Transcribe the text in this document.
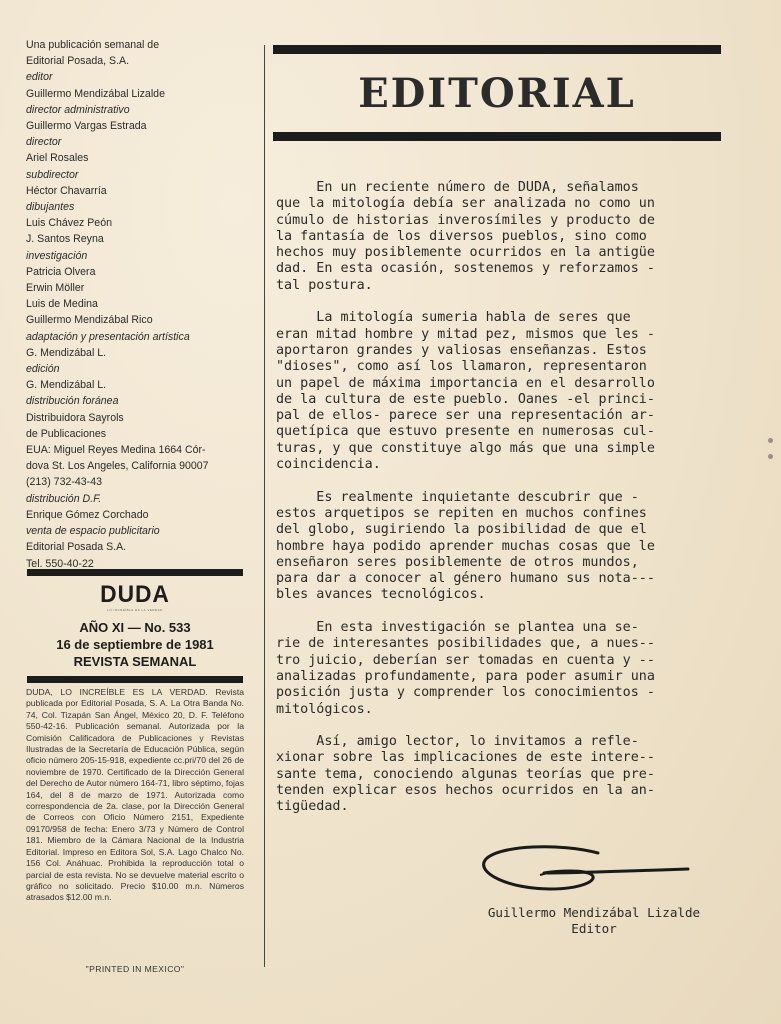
Una publicación semanal de
Editorial Posada, S.A.
editor
Guillermo Mendizábal Lizalde
director administrativo
Guillermo Vargas Estrada
director
Ariel Rosales
subdirector
Héctor Chavarría
dibujantes
Luis Chávez Peón
J. Santos Reyna
investigación
Patricia Olvera
Erwin Möller
Luis de Medina
Guillermo Mendizábal Rico
adaptación y presentación artística
G. Mendizábal L.
edición
G. Mendizábal L.
distribución foránea
Distribuidora Sayrols
de Publicaciones
EUA: Miguel Reyes Medina 1664 Cór-
dova St. Los Angeles, California 90007
(213) 732-43-43
distribución D.F.
Enrique Gómez Corchado
venta de espacio publicitario
Editorial Posada S.A.
Tel. 550-40-22
DUDA
LO INCREÍBLE ES LA VERDAD
AÑO XI — No. 533
16 de septiembre de 1981
REVISTA SEMANAL
DUDA, LO INCREÍBLE ES LA VERDAD. Revista publicada por Editorial Posada, S. A. La Otra Banda No. 74, Col. Tizapán San Ángel, México 20, D. F. Teléfono 550-42-16. Publicación semanal. Autorizada por la Comisión Calificadora de Publicaciones y Revistas Ilustradas de la Secretaría de Educación Pública, según oficio número 205-15-918, expediente cc.pri/70 del 26 de noviembre de 1970. Certificado de la Dirección General del Derecho de Autor número 164-71, libro séptimo, fojas 164, del 8 de marzo de 1971. Autorizada como correspondencia de 2a. clase, por la Dirección General de Correos con Oficio Número 2151, Expediente 09170/958 de fecha: Enero 3/73 y Número de Control 181. Miembro de la Cámara Nacional de la Industria Editorial. Impreso en Editora Sol, S.A. Lago Chalco No. 156 Col. Anáhuac. Prohibida la reproducción total o parcial de esta revista. No se devuelve material escrito o gráfico no solicitado. Precio $10.00 m.n. Números atrasados $12.00 m.n.
"PRINTED IN MEXICO"
EDITORIAL
En un reciente número de DUDA, señalamos
que la mitología debía ser analizada no como un
cúmulo de historias inverosímiles y producto de
la fantasía de los diversos pueblos, sino como
hechos muy posiblemente ocurridos en la antigüe
dad. En esta ocasión, sostenemos y reforzamos -
tal postura.
La mitología sumeria habla de seres que
eran mitad hombre y mitad pez, mismos que les -
aportaron grandes y valiosas enseñanzas. Estos
"dioses", como así los llamaron, representaron
un papel de máxima importancia en el desarrollo
de la cultura de este pueblo. Oanes -el princi-
pal de ellos- parece ser una representación ar-
quetípica que estuvo presente en numerosas cul-
turas, y que constituye algo más que una simple
coincidencia.
Es realmente inquietante descubrir que -
estos arquetipos se repiten en muchos confines
del globo, sugiriendo la posibilidad de que el
hombre haya podido aprender muchas cosas que le
enseñaron seres posiblemente de otros mundos,
para dar a conocer al género humano sus nota---
bles avances tecnológicos.
En esta investigación se plantea una se-
rie de interesantes posibilidades que, a nues--
tro juicio, deberían ser tomadas en cuenta y --
analizadas profundamente, para poder asumir una
posición justa y comprender los conocimientos -
mitológicos.
Así, amigo lector, lo invitamos a refle-
xionar sobre las implicaciones de este intere--
sante tema, conociendo algunas teorías que pre-
tenden explicar esos hechos ocurridos en la an-
tigüedad.
Guillermo Mendizábal Lizalde
Editor
